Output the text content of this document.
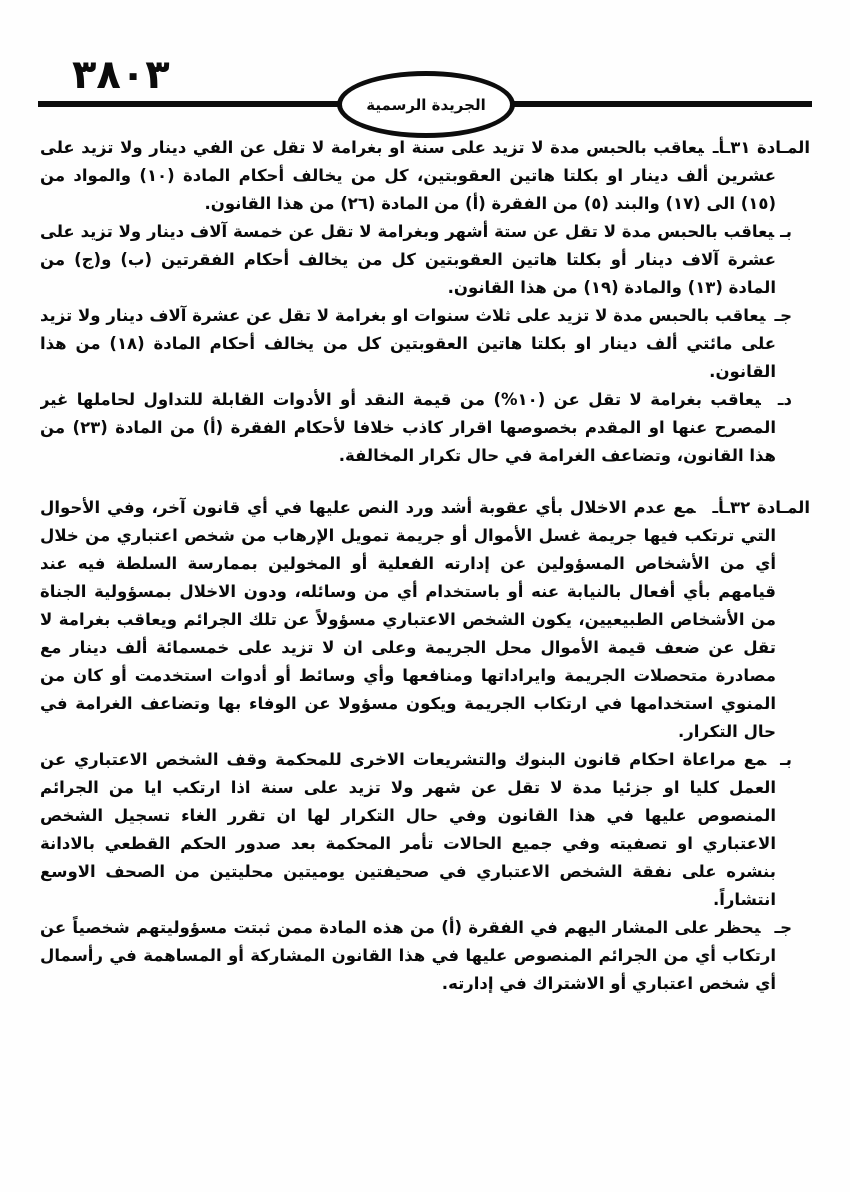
٣٨٠٣
الجريدة الرسمية

المـادة ٣١ـأـيعاقب بالحبس مدة لا تزيد على سنة او بغرامة لا تقل عن الفي دينار ولا تزيد على عشرين ألف دينار او بكلتا هاتين العقوبتين، كل من يخالف أحكام المادة (١٠) والمواد من (١٥) الى (١٧) والبند (٥) من الفقرة (أ) من المادة (٢٦) من هذا القانون.

بـيعاقب بالحبس مدة لا تقل عن ستة أشهر وبغرامة لا تقل عن خمسة آلاف دينار ولا تزيد على عشرة آلاف دينار أو بكلتا هاتين العقوبتين كل من يخالف أحكام الفقرتين (ب) و(ج) من المادة (١٣) والمادة (١٩) من هذا القانون.

جـيعاقب بالحبس مدة لا تزيد على ثلاث سنوات او بغرامة لا تقل عن عشرة آلاف دينار ولا تزيد على مائتي ألف دينار او بكلتا هاتين العقوبتين كل من يخالف أحكام المادة (١٨) من هذا القانون.

دـيعاقب بغرامة لا تقل عن (١٠%) من قيمة النقد أو الأدوات القابلة للتداول لحاملها غير المصرح عنها او المقدم بخصوصها اقرار كاذب خلافا لأحكام الفقرة (أ) من المادة (٢٣) من هذا القانون، وتضاعف الغرامة في حال تكرار المخالفة.

المـادة ٣٢ـأـمع عدم الاخلال بأي عقوبة أشد ورد النص عليها في أي قانون آخر، وفي الأحوال التي ترتكب فيها جريمة غسل الأموال أو جريمة تمويل الإرهاب من شخص اعتباري من خلال أي من الأشخاص المسؤولين عن إدارته الفعلية أو المخولين بممارسة السلطة فيه عند قيامهم بأي أفعال بالنيابة عنه أو باستخدام أي من وسائله، ودون الاخلال بمسؤولية الجناة من الأشخاص الطبيعيين، يكون الشخص الاعتباري مسؤولاً عن تلك الجرائم ويعاقب بغرامة لا تقل عن ضعف قيمة الأموال محل الجريمة وعلى ان لا تزيد على خمسمائة ألف دينار مع مصادرة متحصلات الجريمة وايراداتها ومنافعها وأي وسائط أو أدوات استخدمت أو كان من المنوي استخدامها في ارتكاب الجريمة ويكون مسؤولا عن الوفاء بها وتضاعف الغرامة في حال التكرار.

بـمع مراعاة احكام قانون البنوك والتشريعات الاخرى للمحكمة وقف الشخص الاعتباري عن العمل كليا او جزئيا مدة لا تقل عن شهر ولا تزيد على سنة اذا ارتكب ايا من الجرائم المنصوص عليها في هذا القانون وفي حال التكرار لها ان تقرر الغاء تسجيل الشخص الاعتباري او تصفيته وفي جميع الحالات تأمر المحكمة بعد صدور الحكم القطعي بالادانة بنشره على نفقة الشخص الاعتباري في صحيفتين يوميتين محليتين من الصحف الاوسع انتشاراً.

جـيحظر على المشار اليهم في الفقرة (أ) من هذه المادة ممن ثبتت مسؤوليتهم شخصياً عن ارتكاب أي من الجرائم المنصوص عليها في هذا القانون المشاركة أو المساهمة في رأسمال أي شخص اعتباري أو الاشتراك في إدارته.
